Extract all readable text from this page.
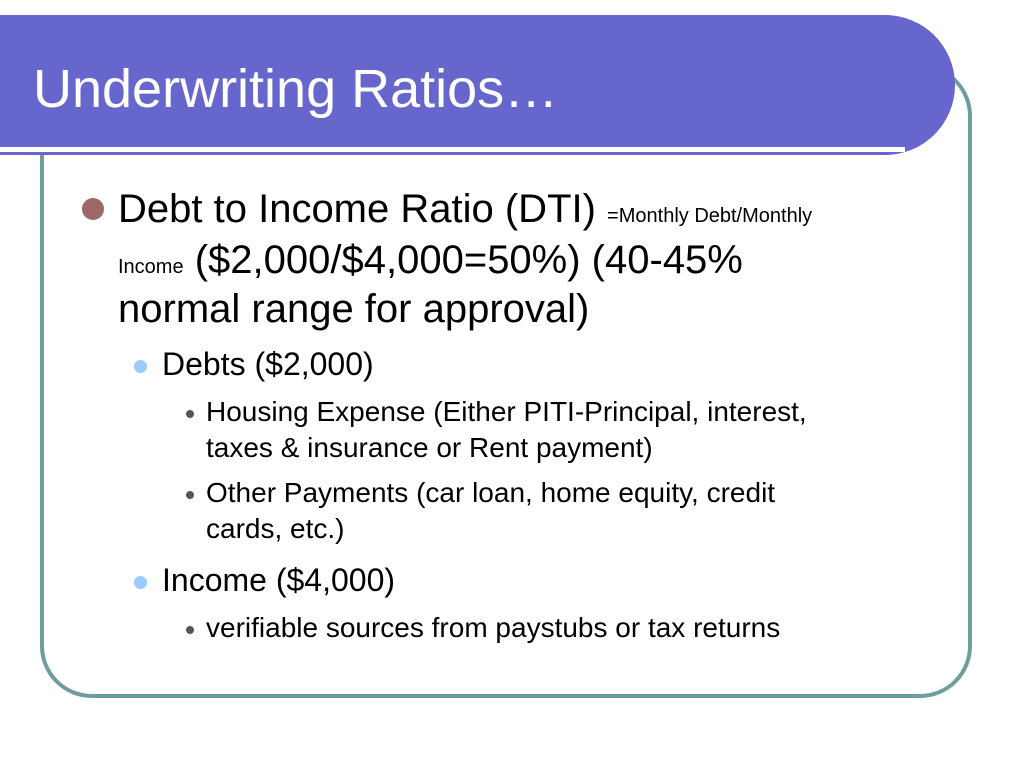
Underwriting Ratios…
Debt to Income Ratio (DTI) =Monthly Debt/Monthly
Income ($2,000/$4,000=50%) (40-45%
normal range for approval)
Debts ($2,000)
Housing Expense (Either PITI-Principal, interest,
taxes & insurance or Rent payment)
Other Payments (car loan, home equity, credit
cards, etc.)
Income ($4,000)
verifiable sources from paystubs or tax returns
